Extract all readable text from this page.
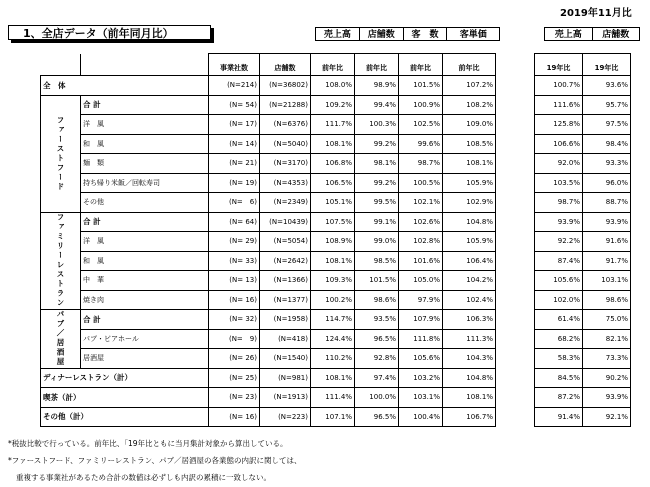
2019年11月比
1、全店データ（前年同月比）	売上高	店舗数	客　数	客単価	売上高	店舗数
		事業社数	店舗数	前年比	前年比	前年比	前年比		19年比	19年比
全　体		(N=214)	(N=36802)	108.0%	98.9%	101.5%	107.2%		100.7%	93.6%
ファーストフード	合 計	(N= 54)	(N=21288)	109.2%	99.4%	100.9%	108.2%		111.6%	95.7%
	洋　風	(N= 17)	(N=6376)	111.7%	100.3%	102.5%	109.0%		125.8%	97.5%
	和　風	(N= 14)	(N=5040)	108.1%	99.2%	99.6%	108.5%		106.6%	98.4%
	麺　類	(N= 21)	(N=3170)	106.8%	98.1%	98.7%	108.1%		92.0%	93.3%
	持ち帰り米飯／回転寿司	(N= 19)	(N=4353)	106.5%	99.2%	100.5%	105.9%		103.5%	96.0%
	その他	(N=　6)	(N=2349)	105.1%	99.5%	102.1%	102.9%		98.7%	88.7%
ファミリーレストラン	合 計	(N= 64)	(N=10439)	107.5%	99.1%	102.6%	104.8%		93.9%	93.9%
	洋　風	(N= 29)	(N=5054)	108.9%	99.0%	102.8%	105.9%		92.2%	91.6%
	和　風	(N= 33)	(N=2642)	108.1%	98.5%	101.6%	106.4%		87.4%	91.7%
	中　華	(N= 13)	(N=1366)	109.3%	101.5%	105.0%	104.2%		105.6%	103.1%
	焼き肉	(N= 16)	(N=1377)	100.2%	98.6%	97.9%	102.4%		102.0%	98.6%
パブ／居酒屋	合 計	(N= 32)	(N=1958)	114.7%	93.5%	107.9%	106.3%		61.4%	75.0%
	パブ・ビアホール	(N=　9)	(N=418)	124.4%	96.5%	111.8%	111.3%		68.2%	82.1%
	居酒屋	(N= 26)	(N=1540)	110.2%	92.8%	105.6%	104.3%		58.3%	73.3%
ディナーレストラン（計）		(N= 25)	(N=981)	108.1%	97.4%	103.2%	104.8%		84.5%	90.2%
喫茶（計）		(N= 23)	(N=1913)	111.4%	100.0%	103.1%	108.1%		87.2%	93.9%
その他（計）		(N= 16)	(N=223)	107.1%	96.5%	100.4%	106.7%		91.4%	92.1%
*税抜比較で行っている。前年比、「19年比ともに当月集計対象から算出している。
*ファーストフード、ファミリーレストラン、パブ／居酒屋の各業態の内訳に関しては、
重複する事業社があるため合計の数値は必ずしも内訳の累積に一致しない。
